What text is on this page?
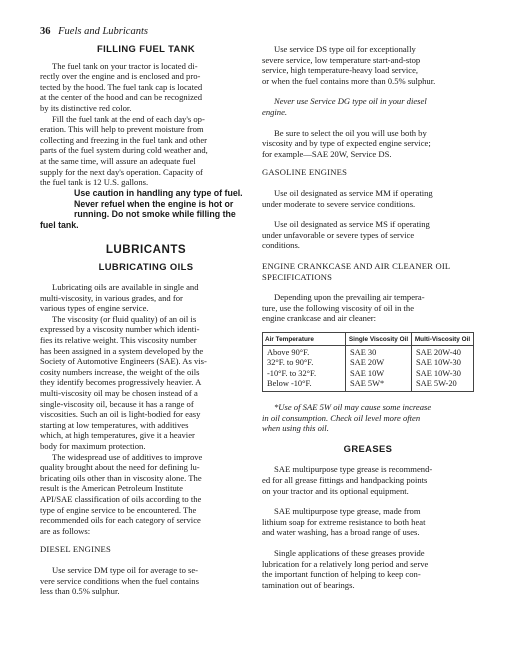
36 Fuels and Lubricants
FILLING FUEL TANK

The fuel tank on your tractor is located di-
rectly over the engine and is enclosed and pro-
tected by the hood. The fuel tank cap is located
at the center of the hood and can be recognized
by its distinctive red color.

Fill the fuel tank at the end of each day's op-
eration. This will help to prevent moisture from
collecting and freezing in the fuel tank and other
parts of the fuel system during cold weather and,
at the same time, will assure an adequate fuel
supply for the next day's operation. Capacity of
the fuel tank is 12 U.S. gallons.

Use caution in handling any type of fuel.
Never refuel when the engine is hot or
running. Do not smoke while filling the
fuel tank.

LUBRICANTS
LUBRICATING OILS

Lubricating oils are available in single and
multi-viscosity, in various grades, and for
various types of engine service.

The viscosity (or fluid quality) of an oil is
expressed by a viscosity number which identi-
fies its relative weight. This viscosity number
has been assigned in a system developed by the
Society of Automotive Engineers (SAE). As vis-
cosity numbers increase, the weight of the oils
they identify becomes progressively heavier. A
multi-viscosity oil may be chosen instead of a
single-viscosity oil, because it has a range of
viscosities. Such an oil is light-bodied for easy
starting at low temperatures, with additives
which, at high temperatures, give it a heavier
body for maximum protection.

The widespread use of additives to improve
quality brought about the need for defining lu-
bricating oils other than in viscosity alone. The
result is the American Petroleum Institute
API/SAE classification of oils according to the
type of engine service to be encountered. The
recommended oils for each category of service
are as follows:

DIESEL ENGINES

Use service DM type oil for average to se-
vere service conditions when the fuel contains
less than 0.5% sulphur.

Use service DS type oil for exceptionally
severe service, low temperature start-and-stop
service, high temperature-heavy load service,
or when the fuel contains more than 0.5% sulphur.

Never use Service DG type oil in your diesel
engine.

Be sure to select the oil you will use both by
viscosity and by type of expected engine service;
for example—SAE 20W, Service DS.

GASOLINE ENGINES

Use oil designated as service MM if operating
under moderate to severe service conditions.

Use oil designated as service MS if operating
under unfavorable or severe types of service
conditions.

ENGINE CRANKCASE AND AIR CLEANER OIL
SPECIFICATIONS

Depending upon the prevailing air tempera-
ture, use the following viscosity of oil in the
engine crankcase and air cleaner:

Air Temperature	Single Viscosity Oil	Multi-Viscosity Oil
Above 90°F.	SAE 30	SAE 20W-40
32°F. to 90°F.	SAE 20W	SAE 10W-30
-10°F. to 32°F.	SAE 10W	SAE 10W-30
Below -10°F.	SAE 5W*	SAE 5W-20

*Use of SAE 5W oil may cause some increase
in oil consumption. Check oil level more often
when using this oil.

GREASES

SAE multipurpose type grease is recommend-
ed for all grease fittings and handpacking points
on your tractor and its optional equipment.

SAE multipurpose type grease, made from
lithium soap for extreme resistance to both heat
and water washing, has a broad range of uses.

Single applications of these greases provide
lubrication for a relatively long period and serve
the important function of helping to keep con-
tamination out of bearings.
